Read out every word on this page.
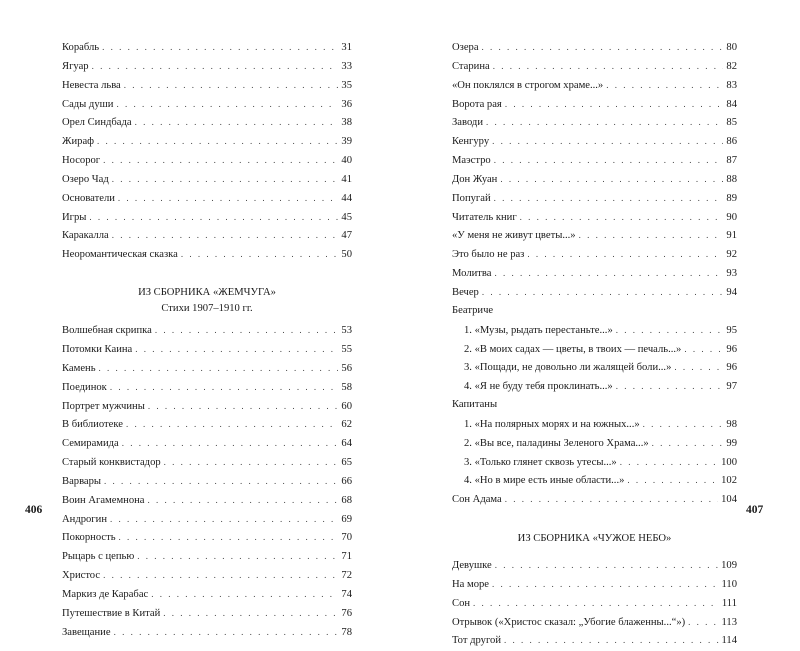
406	407
Корабль . . .	31
Ягуар . . .	33
Невеста льва . . .	35
Сады души . . .	36
Орел Синдбада . . .	38
Жираф . . .	39
Носорог . . .	40
Озеро Чад . . .	41
Основатели . . .	44
Игры . . .	45
Каракалла . . .	47
Неоромантическая сказка . . .	50
ИЗ СБОРНИКА «ЖЕМЧУГА»
Стихи 1907–1910 гг.
Волшебная скрипка . . .	53
Потомки Каина . . .	55
Камень . . .	56
Поединок . . .	58
Портрет мужчины . . .	60
В библиотеке . . .	62
Семирамида . . .	64
Старый конквистадор . . .	65
Варвары . . .	66
Воин Агамемнона . . .	68
Андрогин . . .	69
Покорность . . .	70
Рыцарь с цепью . . .	71
Христос . . .	72
Маркиз де Карабас . . .	74
Путешествие в Китай . . .	76
Завещание . . .	78
Озера . . .	80
Старина . . .	82
«Он поклялся в строгом храме...» . . .	83
Ворота рая . . .	84
Заводи . . .	85
Кенгуру . . .	86
Маэстро . . .	87
Дон Жуан . . .	88
Попугай . . .	89
Читатель книг . . .	90
«У меня не живут цветы...» . . .	91
Это было не раз . . .	92
Молитва . . .	93
Вечер . . .	94
Беатриче
1. «Музы, рыдать перестаньте...» . . .	95
2. «В моих садах — цветы, в твоих — печаль...» . . .	96
3. «Пощади, не довольно ли жалящей боли...» . . .	96
4. «Я не буду тебя проклинать...» . . .	97
Капитаны
1. «На полярных морях и на южных...» . . .	98
2. «Вы все, паладины Зеленого Храма...» . . .	99
3. «Только глянет сквозь утесы...» . . .	100
4. «Но в мире есть иные области...» . . .	102
Сон Адама . . .	104
ИЗ СБОРНИКА «ЧУЖОЕ НЕБО»
Девушке . . .	109
На море . . .	110
Сон . . .	111
Отрывок («Христос сказал: „Убогие блаженны...“») . . .	113
Тот другой . . .	114
